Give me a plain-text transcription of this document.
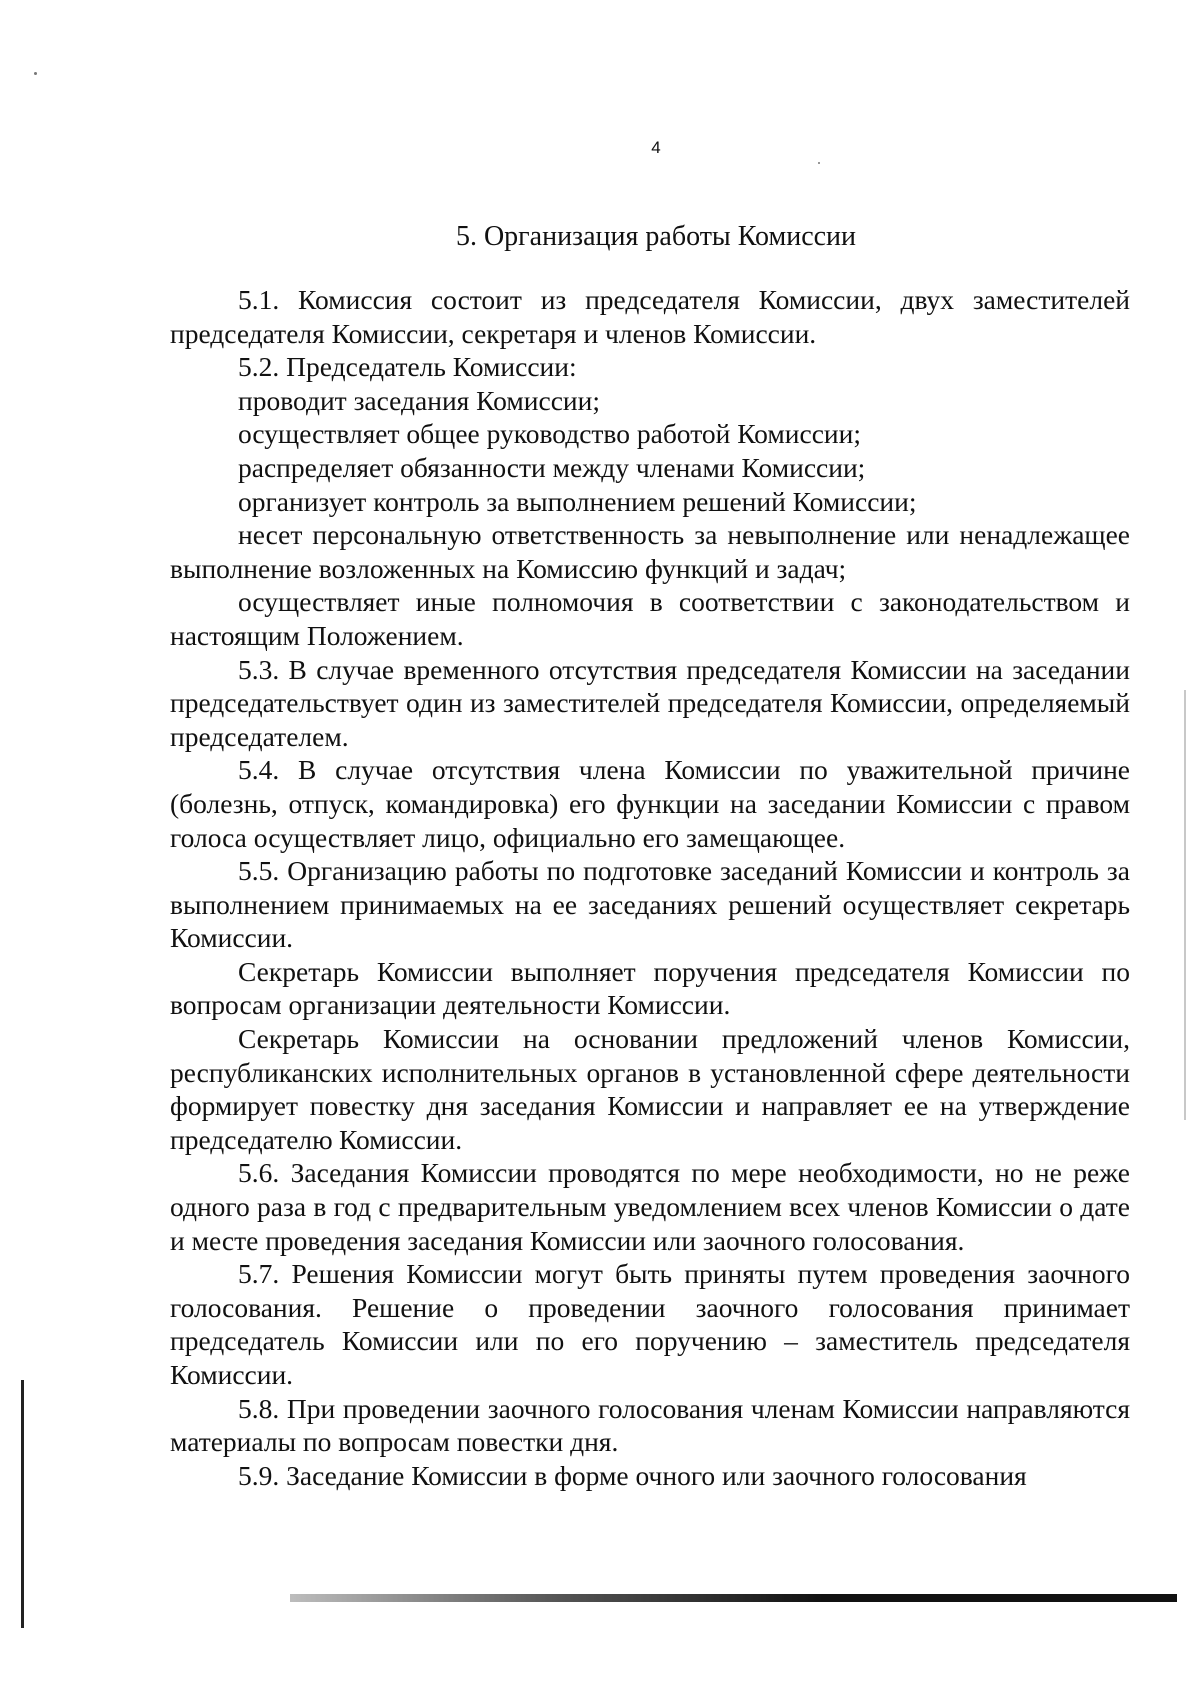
4
5. Организация работы Комиссии

5.1. Комиссия состоит из председателя Комиссии, двух заместителей председателя Комиссии, секретаря и членов Комиссии.

5.2. Председатель Комиссии:

проводит заседания Комиссии;

осуществляет общее руководство работой Комиссии;

распределяет обязанности между членами Комиссии;

организует контроль за выполнением решений Комиссии;

несет персональную ответственность за невыполнение или ненадлежащее выполнение возложенных на Комиссию функций и задач;

осуществляет иные полномочия в соответствии с законодательством и настоящим Положением.

5.3. В случае временного отсутствия председателя Комиссии на заседании председательствует один из заместителей председателя Комиссии, определяемый председателем.

5.4. В случае отсутствия члена Комиссии по уважительной причине (болезнь, отпуск, командировка) его функции на заседании Комиссии с правом голоса осуществляет лицо, официально его замещающее.

5.5. Организацию работы по подготовке заседаний Комиссии и контроль за выполнением принимаемых на ее заседаниях решений осуществляет секретарь Комиссии.

Секретарь Комиссии выполняет поручения председателя Комиссии по вопросам организации деятельности Комиссии.

Секретарь Комиссии на основании предложений членов Комиссии, республиканских исполнительных органов в установленной сфере деятельности формирует повестку дня заседания Комиссии и направляет ее на утверждение председателю Комиссии.

5.6. Заседания Комиссии проводятся по мере необходимости, но не реже одного раза в год с предварительным уведомлением всех членов Комиссии о дате и месте проведения заседания Комиссии или заочного голосования.

5.7. Решения Комиссии могут быть приняты путем проведения заочного голосования. Решение о проведении заочного голосования принимает председатель Комиссии или по его поручению – заместитель председателя Комиссии.

5.8. При проведении заочного голосования членам Комиссии направляются материалы по вопросам повестки дня.

5.9. Заседание Комиссии в форме очного или заочного голосования
